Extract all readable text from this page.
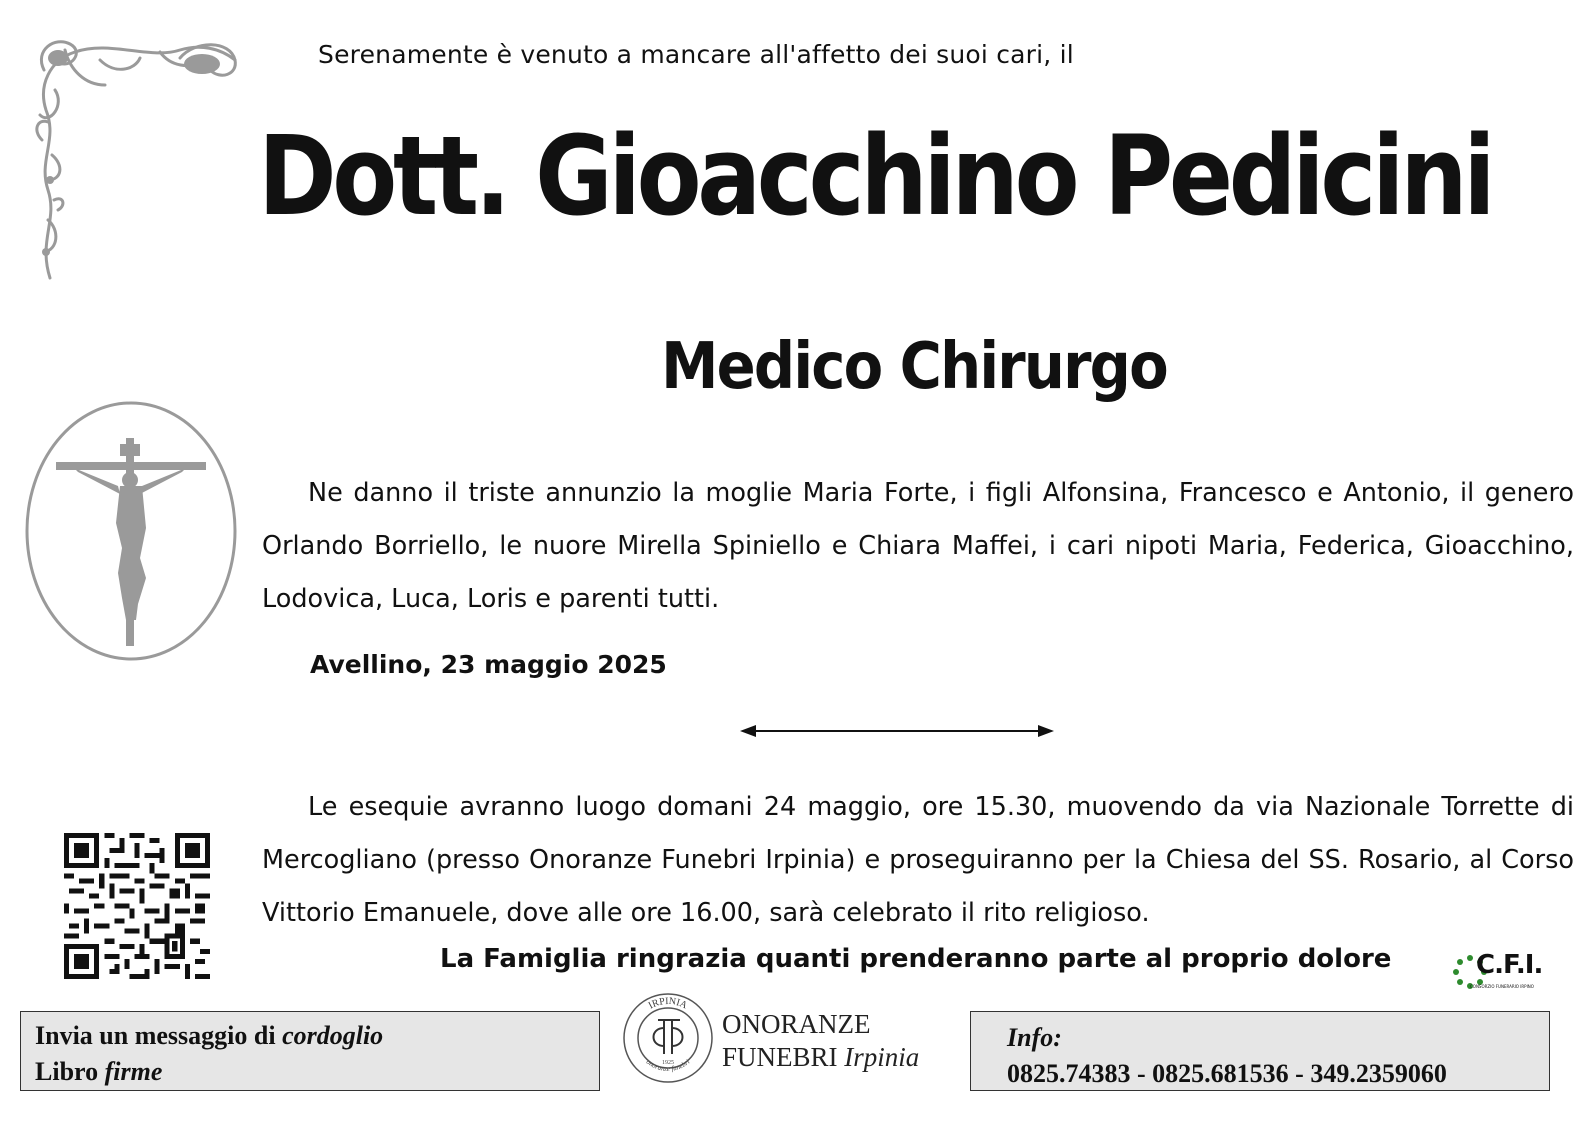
Serenamente è venuto a mancare all'affetto dei suoi cari, il
Dott. Gioacchino Pedicini
Medico Chirurgo
Ne danno il triste annunzio la moglie Maria Forte, i figli Alfonsina, Francesco e Antonio, il genero Orlando Borriello, le nuore Mirella Spiniello e Chiara Maffei, i cari nipoti Maria, Federica, Gioacchino, Lodovica, Luca, Loris e parenti tutti.
Avellino, 23 maggio 2025
Le esequie avranno luogo domani 24 maggio, ore 15.30, muovendo da via Nazionale Torrette di Mercogliano (presso Onoranze Funebri Irpinia) e proseguiranno per la Chiesa del SS. Rosario, al Corso Vittorio Emanuele, dove alle ore 16.00, sarà celebrato il rito religioso.
La Famiglia ringrazia quanti prenderanno parte al proprio dolore	C.F.I.
CONSORZIO FUNERARIO IRPINO
Invia un messaggio di cordoglio
Libro firme
IRPINIA
onoranze funebri
1925
ONORANZE
FUNEBRI Irpinia
Info:
0825.74383 - 0825.681536 - 349.2359060
